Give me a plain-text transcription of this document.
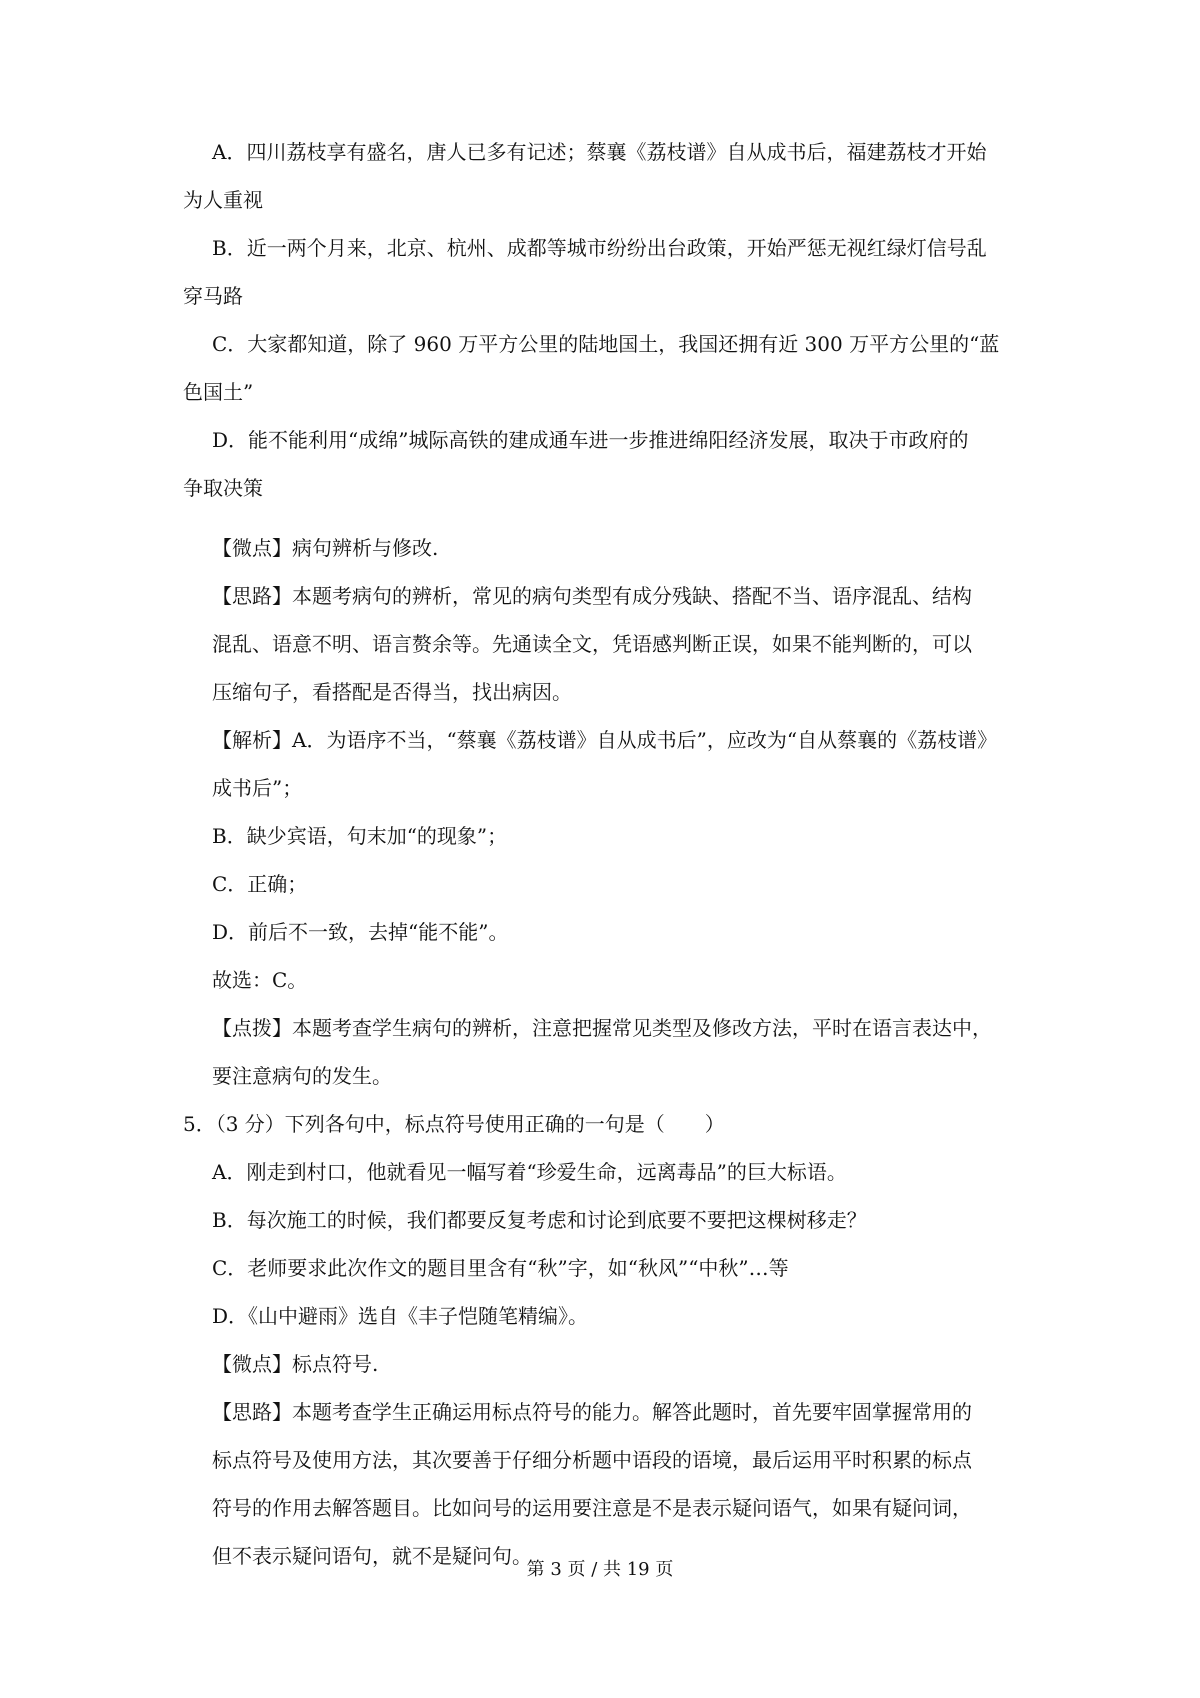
A．四川荔枝享有盛名，唐人已多有记述；蔡襄《荔枝谱》自从成书后，福建荔枝才开始
为人重视
B．近一两个月来，北京、杭州、成都等城市纷纷出台政策，开始严惩无视红绿灯信号乱
穿马路
C．大家都知道，除了 960 万平方公里的陆地国土，我国还拥有近 300 万平方公里的“蓝
色国土”
D．能不能利用“成绵”城际高铁的建成通车进一步推进绵阳经济发展，取决于市政府的
争取决策
【微点】病句辨析与修改.
【思路】本题考病句的辨析，常见的病句类型有成分残缺、搭配不当、语序混乱、结构
混乱、语意不明、语言赘余等。先通读全文，凭语感判断正误，如果不能判断的，可以
压缩句子，看搭配是否得当，找出病因。
【解析】A．为语序不当，“蔡襄《荔枝谱》自从成书后”，应改为“自从蔡襄的《荔枝谱》
成书后”；
B．缺少宾语，句末加“的现象”；
C．正确；
D．前后不一致，去掉“能不能”。
故选：C。
【点拨】本题考查学生病句的辨析，注意把握常见类型及修改方法，平时在语言表达中，
要注意病句的发生。
5．（3 分）下列各句中，标点符号使用正确的一句是（　　）
A．刚走到村口，他就看见一幅写着“珍爱生命，远离毒品”的巨大标语。
B．每次施工的时候，我们都要反复考虑和讨论到底要不要把这棵树移走？
C．老师要求此次作文的题目里含有“秋”字，如“秋风”“中秋”…等
D．《山中避雨》选自《丰子恺随笔精编》。
【微点】标点符号.
【思路】本题考查学生正确运用标点符号的能力。解答此题时，首先要牢固掌握常用的
标点符号及使用方法，其次要善于仔细分析题中语段的语境，最后运用平时积累的标点
符号的作用去解答题目。比如问号的运用要注意是不是表示疑问语气，如果有疑问词，
但不表示疑问语句，就不是疑问句。
第 3 页 / 共 19 页
